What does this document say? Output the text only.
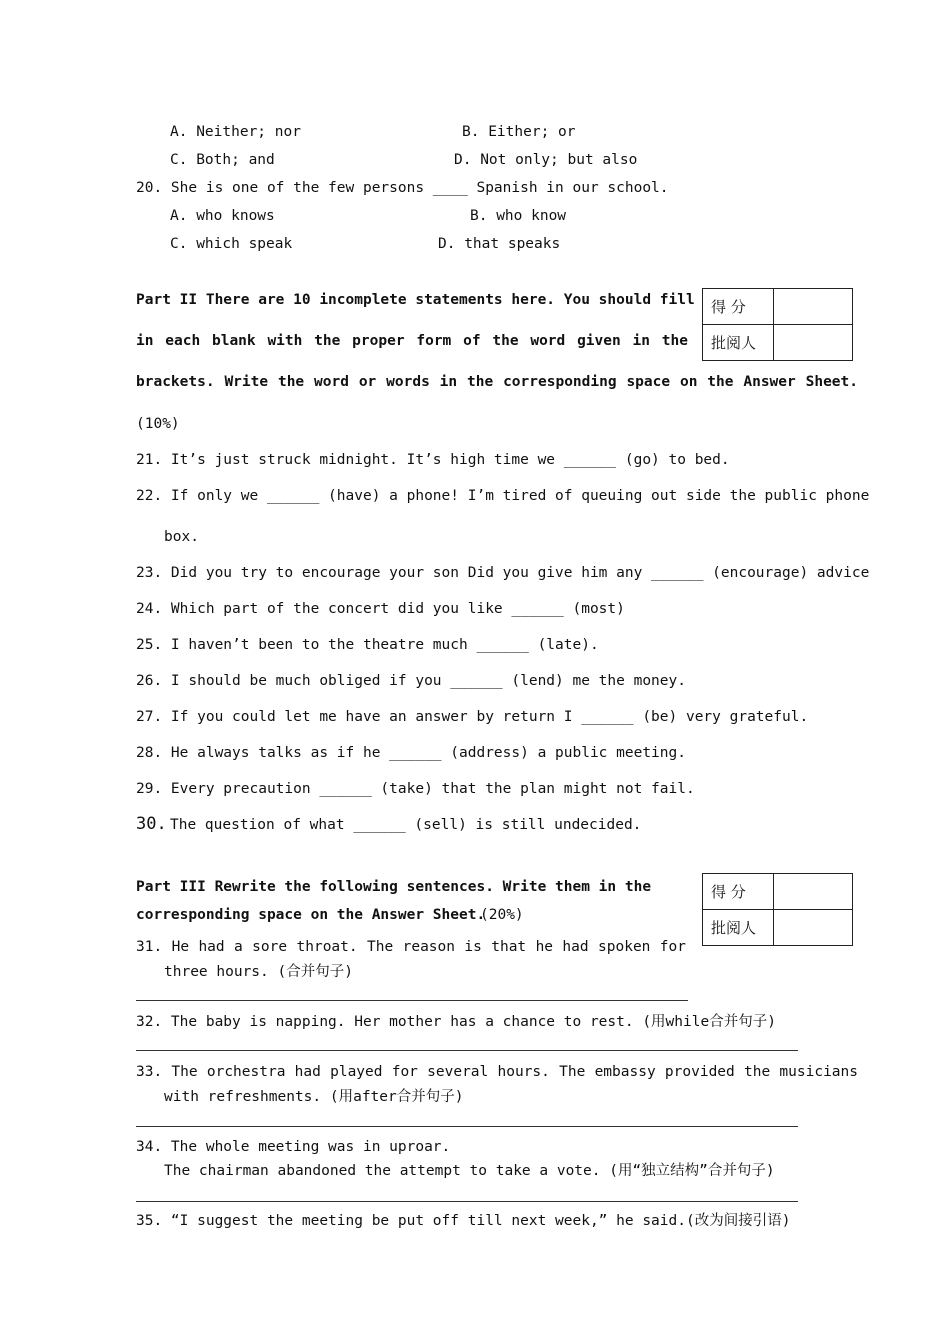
A. Neither; nor	B. Either; or
C. Both; and	D. Not only; but also
20. She is one of the few persons ____ Spanish in our school.
A. who knows	B. who know
C. which speak	D. that speaks
Part II There are 10 incomplete statements here. You should fill
in each blank with the proper form of the word given in the
brackets. Write the word or words in the corresponding space on the Answer Sheet.
(10%)
得 分	
批阅人	
21. It’s just struck midnight. It’s high time we ______ (go) to bed.
22. If only we ______ (have) a phone! I’m tired of queuing out side the public phone
box.
23. Did you try to encourage your son Did you give him any ______ (encourage) advice
24. Which part of the concert did you like ______ (most)
25. I haven’t been to the theatre much ______ (late).
26. I should be much obliged if you ______ (lend) me the money.
27. If you could let me have an answer by return I ______ (be) very grateful.
28. He always talks as if he ______ (address) a public meeting.
29. Every precaution ______ (take) that the plan might not fail.
30. The question of what ______ (sell) is still undecided.
Part III Rewrite the following sentences. Write them in the
corresponding space on the Answer Sheet.
(20%)
得 分	
批阅人	
31. He had a sore throat. The reason is that he had spoken for
three hours. (合并句子)
32. The baby is napping. Her mother has a chance to rest. (用while合并句子)
33. The orchestra had played for several hours. The embassy provided the musicians
with refreshments. (用after合并句子)
34. The whole meeting was in uproar.
The chairman abandoned the attempt to take a vote. (用“独立结构”合并句子)
35. “I suggest the meeting be put off till next week,” he said.(改为间接引语)
